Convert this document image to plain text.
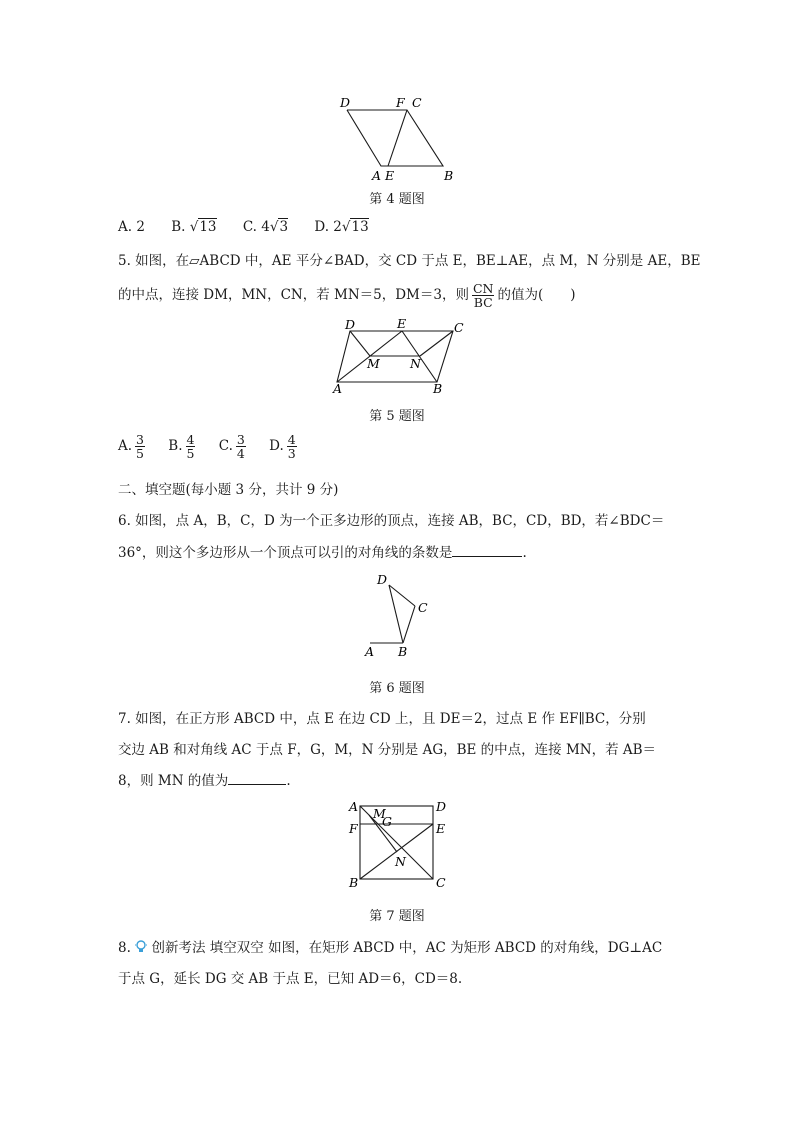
D	F C
A E	B
第 4 题图
A. 2 B. √13 C. 4√3 D. 2√13
5. 如图，在▱ABCD 中，AE 平分∠BAD，交 CD 于点 E，BE⊥AE，点 M，N 分别是 AE，BE
的中点，连接 DM，MN，CN，若 MN＝5，DM＝3，则 $\frac{CN}{BC}$ 的值为(　　)
D	E	C
M N
A	B
第 5 题图
A. $\frac{3}{5} B$. $\frac{4}{5} C$. $\frac{3}{4} D$. $\frac{4}{3}$
二、填空题(每小题 3 分，共计 9 分)
6. 如图，点 A，B，C，D 为一个正多边形的顶点，连接 AB，BC，CD，BD，若∠BDC＝
36°，则这个多边形从一个顶点可以引的对角线的条数是	.
D
C
A B
第 6 题图
7. 如图，在正方形 ABCD 中，点 E 在边 CD 上，且 DE＝2，过点 E 作 EF∥BC，分别
交边 AB 和对角线 AC 于点 F，G，M，N 分别是 AG，BE 的中点，连接 MN，若 AB＝
8，则 MN 的值为	.
A	D
M
G
F	E
N
B	C
第 7 题图
8. 创新考法 填空双空 如图，在矩形 ABCD 中，AC 为矩形 ABCD 的对角线，DG⊥AC
于点 G，延长 DG 交 AB 于点 E，已知 AD＝6，CD＝8.
